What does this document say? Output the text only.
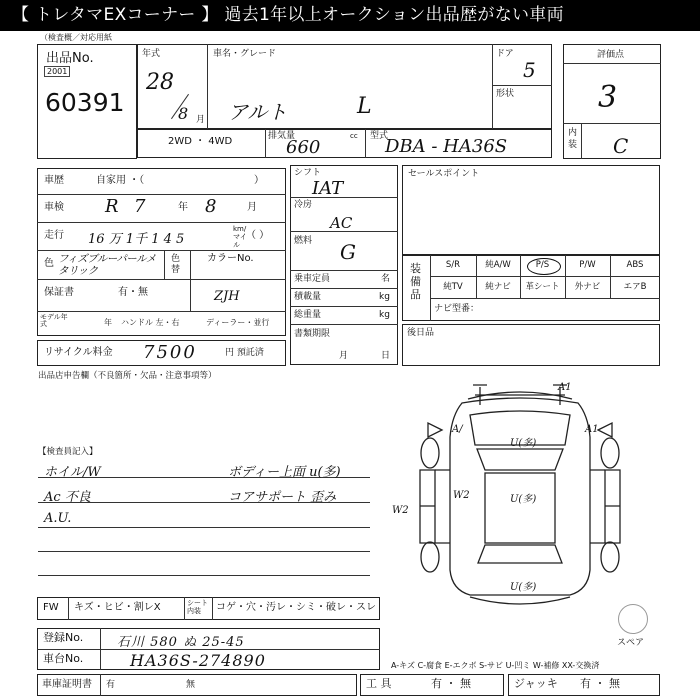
【 トレタマEXコーナー 】 過去1年以上オークション出品歴がない車両
（検査概／対応用紙
出品No.
2001
60391
年式
28
8 月
車名・グレード
アルト	L
ドア
5
形状
2WD ・ 4WD	排気量	cc
660
型式
DBA - HA36S
評価点
3
内装 C
車歴	自家用 ・（	）
車検 R 7	年 8	月
走行 16 万 1千 1 4 5
km/マイル
（ ）
色 フィズブルーパールメタリック
色替
カラーNo.
保証書	有・無	ZJH
モデル年式	年 ハンドル 左・右	ディーラー・並行
リサイクル料金 7500	円 預託済
シフト
IAT
冷房
AC
燃料 G
乗車定員	名
積載量	kg
総重量	kg
書類期限
月	日
セールスポイント
装備品
S/R	純A/W	P/S	P/W	ABS
純TV	純ナビ	革シート	外ナビ	エアB
ナビ型番：
後日品
出品店申告欄（不良箇所・欠品・注意事項等）
【検査員記入】
ホイル/W
Ac 不良
A.U.
ボディー上面 u(多)
コアサポート 歪み
A1
A/	A1
U(多)
W2	U(多)
U(多)
W2
スペア
FW キズ・ヒビ・割レX	シート内装	コゲ・穴・汚レ・シミ・破レ・スレ
登録No.	石川 580 ぬ 25-45
車台No.	HA36S-274890	A-キズ C-腐食 E-エクボ S-サビ U-凹ミ W-補修 XX-交換済
車庫証明書 有	無	工 具	有 ・ 無	ジャッキ 有 ・ 無
